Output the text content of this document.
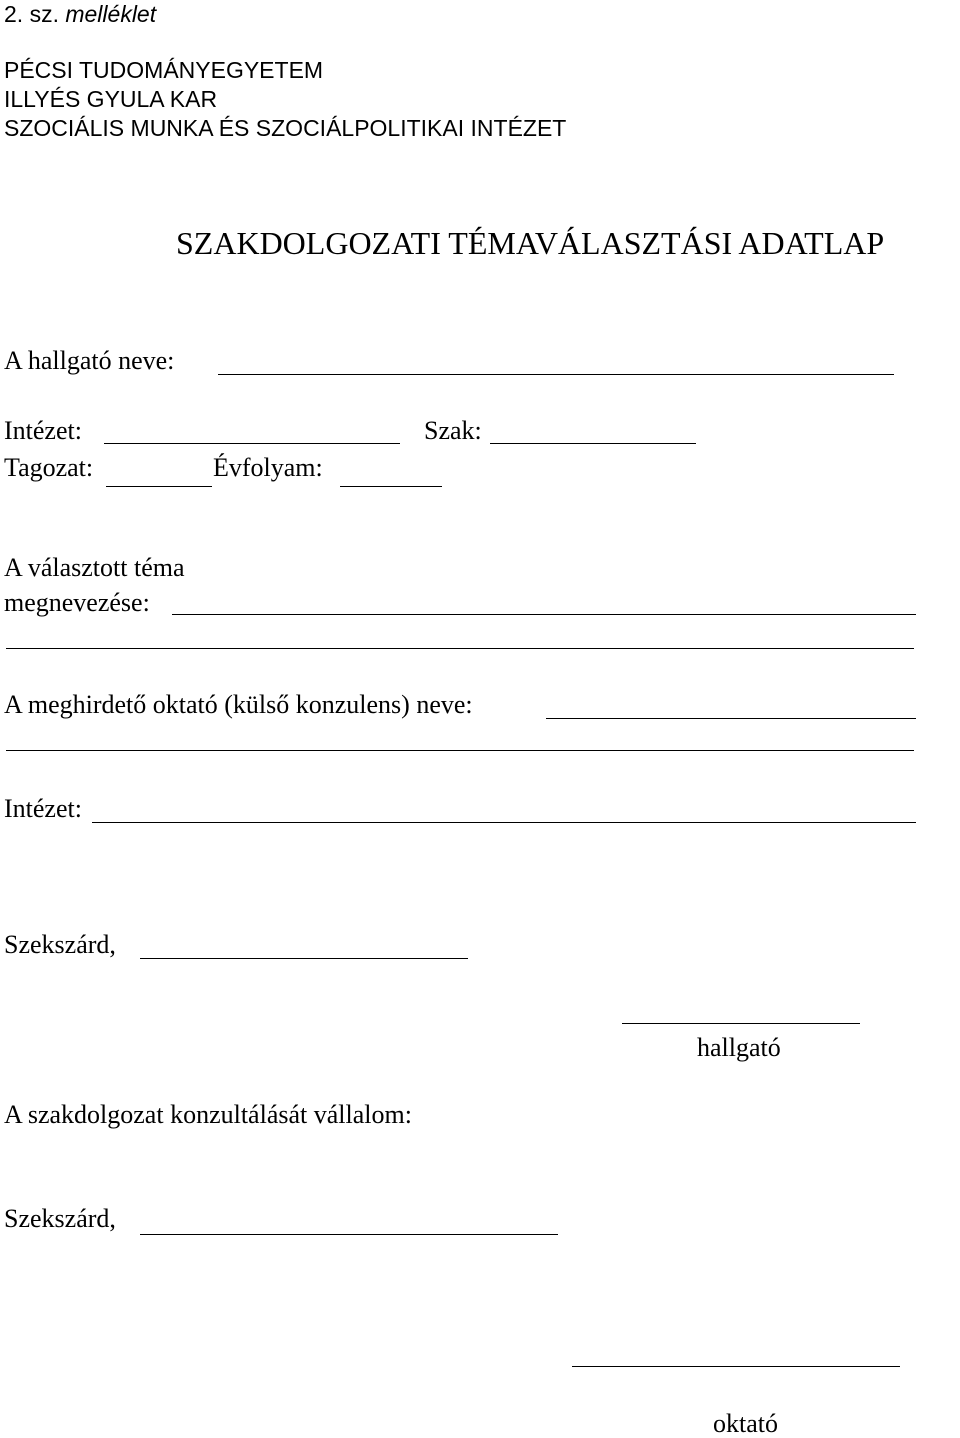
2. sz. melléklet
PÉCSI TUDOMÁNYEGYETEM
ILLYÉS GYULA KAR
SZOCIÁLIS MUNKA ÉS SZOCIÁLPOLITIKAI INTÉZET
SZAKDOLGOZATI TÉMAVÁLASZTÁSI ADATLAP
A hallgató neve:
Intézet:	Szak:
Tagozat:	Évfolyam:
A választott téma
megnevezése:
A meghirdető oktató (külső konzulens) neve:
Intézet:
Szekszárd,
hallgató
A szakdolgozat konzultálását vállalom:
Szekszárd,
oktató
